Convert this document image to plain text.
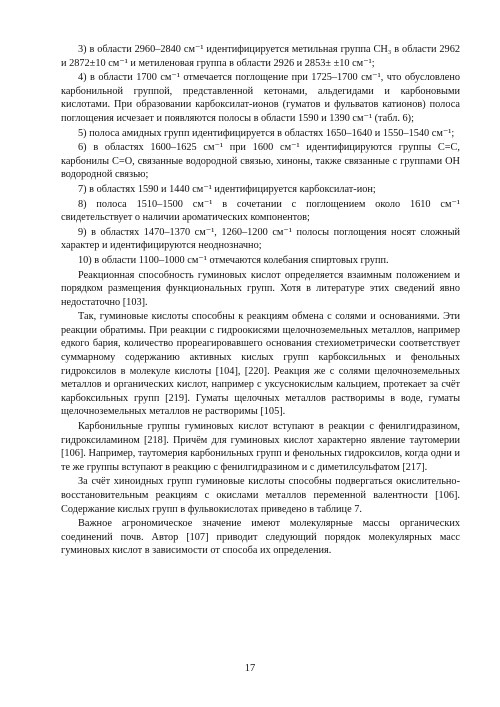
3) в области 2960–2840 см⁻¹ идентифицируется метильная группа CH₃ в области 2962 и 2872±10 см⁻¹ и метиленовая группа в области 2926 и 2853± ±10 см⁻¹;

4) в области 1700 см⁻¹ отмечается поглощение при 1725–1700 см⁻¹, что обусловлено карбонильной группой, представленной кетонами, альдегидами и карбоновыми кислотами. При образовании карбоксилат-ионов (гуматов и фульватов катионов) полоса поглощения исчезает и появляются полосы в области 1590 и 1390 см⁻¹ (табл. 6);

5) полоса амидных групп идентифицируется в областях 1650–1640 и 1550–1540 см⁻¹;

6) в областях 1600–1625 см⁻¹ при 1600 см⁻¹ идентифицируются группы C=C, карбонилы C=O, связанные водородной связью, хиноны, также связанные с группами OH водородной связью;

7) в областях 1590 и 1440 см⁻¹ идентифицируется карбоксилат-ион;

8) полоса 1510–1500 см⁻¹ в сочетании с поглощением около 1610 см⁻¹ свидетельствует о наличии ароматических компонентов;

9) в областях 1470–1370 см⁻¹, 1260–1200 см⁻¹ полосы поглощения носят сложный характер и идентифицируются неоднозначно;

10) в области 1100–1000 см⁻¹ отмечаются колебания спиртовых групп.

Реакционная способность гуминовых кислот определяется взаимным положением и порядком размещения функциональных групп. Хотя в литературе этих сведений явно недостаточно [103].

Так, гуминовые кислоты способны к реакциям обмена с солями и основаниями. Эти реакции обратимы. При реакции с гидроокисями щелочноземельных металлов, например едкого бария, количество прореагировавшего основания стехиометрически соответствует суммарному содержанию активных кислых групп карбоксильных и фенольных гидроксилов в молекуле кислоты [104], [220]. Реакция же с солями щелочноземельных металлов и органических кислот, например с уксуснокислым кальцием, протекает за счёт карбоксильных групп [219]. Гуматы щелочных металлов растворимы в воде, гуматы щелочноземельных металлов не растворимы [105].

Карбонильные группы гуминовых кислот вступают в реакции с фенилгидразином, гидроксиламином [218]. Причём для гуминовых кислот характерно явление таутомерии [106]. Например, таутомерия карбонильных групп и фенольных гидроксилов, когда одни и те же группы вступают в реакцию с фенилгидразином и с диметилсульфатом [217].

За счёт хиноидных групп гуминовые кислоты способны подвергаться окислительно-восстановительным реакциям с окислами металлов переменной валентности [106]. Содержание кислых групп в фульвокислотах приведено в таблице 7.

Важное агрономическое значение имеют молекулярные массы органических соединений почв. Автор [107] приводит следующий порядок молекулярных масс гуминовых кислот в зависимости от способа их определения.

17
